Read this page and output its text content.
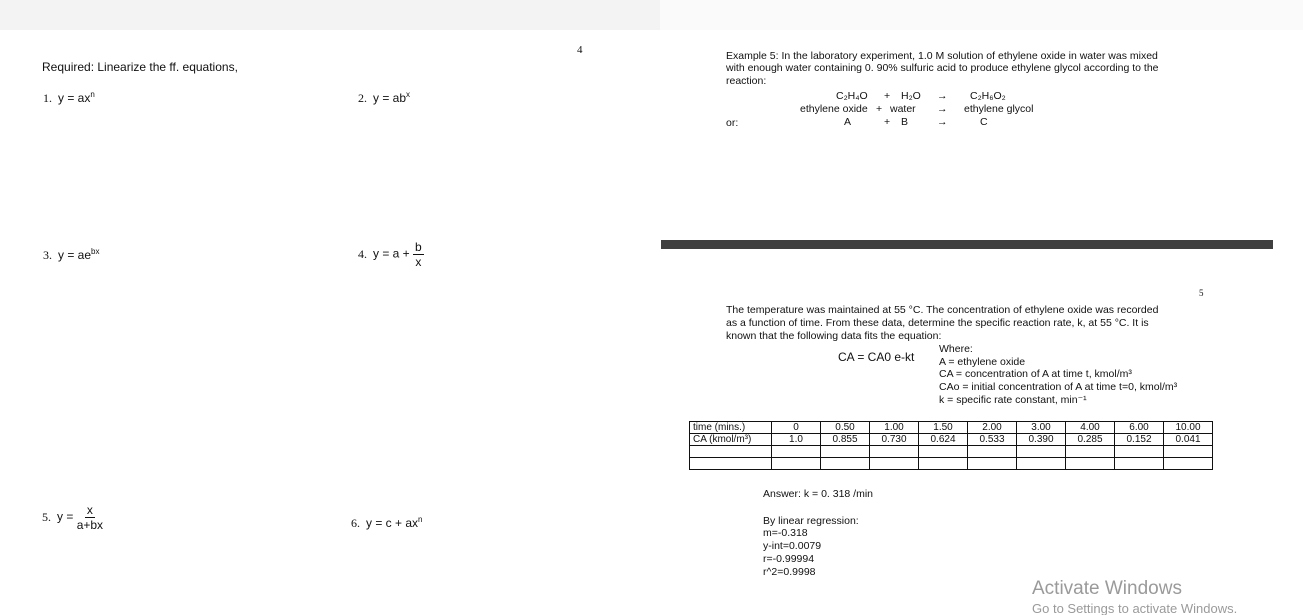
4
Required: Linearize the ff. equations,
1. $y = ax^n$	2. $y = ab^x$
3. $y = ae^{bx}$	4. $y = a + \frac{b}{x}$
5. $y = \frac{x}{a+bx}$	6. $y = c + ax^n$
Example 5: In the laboratory experiment, 1.0 M solution of ethylene oxide in water was mixed
with enough water containing 0. 90% sulfuric acid to produce ethylene glycol according to the
reaction:
C₂H₄O + H₂O → C₂H₆O₂
ethylene oxide + water → ethylene glycol
or:	A	+ B	→	C
5
The temperature was maintained at 55 °C. The concentration of ethylene oxide was recorded
as a function of time. From these data, determine the specific reaction rate, k, at 55 °C. It is
known that the following data fits the equation:
CA = CA0 e-kt
Where:
A = ethylene oxide
CA = concentration of A at time t, kmol/m³
CAo = initial concentration of A at time t=0, kmol/m³
k = specific rate constant, min⁻¹
time (mins.)	0	0.50	1.00	1.50	2.00	3.00	4.00	6.00	10.00
CA (kmol/m³)	1.0	0.855	0.730	0.624	0.533	0.390	0.285	0.152	0.041

Answer: k = 0. 318 /min
By linear regression:
m=-0.318
y-int=0.0079
r=-0.99994
r^2=0.9998
Activate Windows
Go to Settings to activate Windows.
